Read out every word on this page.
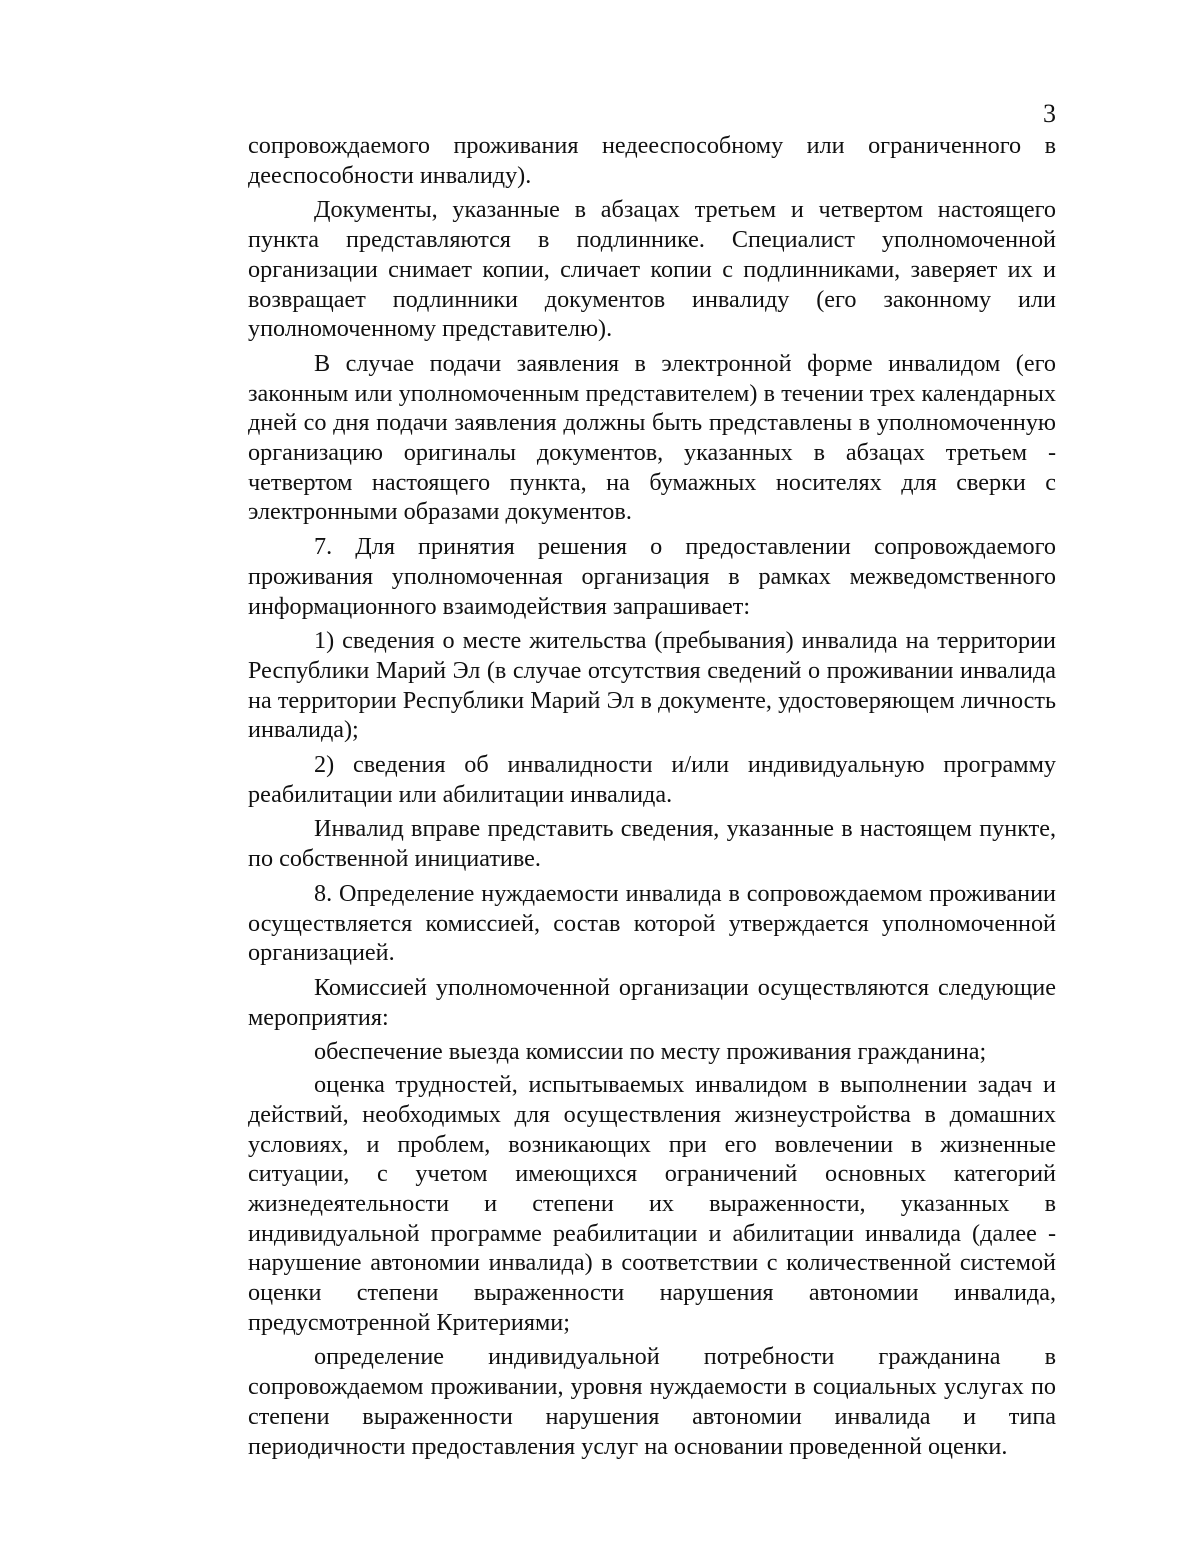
3

сопровождаемого проживания недееспособному или ограниченного в дееспособности инвалиду).

Документы, указанные в абзацах третьем и четвертом настоящего пункта представляются в подлиннике. Специалист уполномоченной организации снимает копии, сличает копии с подлинниками, заверяет их и возвращает подлинники документов инвалиду (его законному или уполномоченному представителю).

В случае подачи заявления в электронной форме инвалидом (его законным или уполномоченным представителем) в течении трех календарных дней со дня подачи заявления должны быть представлены в уполномоченную организацию оригиналы документов, указанных в абзацах третьем - четвертом настоящего пункта, на бумажных носителях для сверки с электронными образами документов.

7. Для принятия решения о предоставлении сопровождаемого проживания уполномоченная организация в рамках межведомственного информационного взаимодействия запрашивает:

1) сведения о месте жительства (пребывания) инвалида на территории Республики Марий Эл (в случае отсутствия сведений о проживании инвалида на территории Республики Марий Эл в документе, удостоверяющем личность инвалида);

2) сведения об инвалидности и/или индивидуальную программу реабилитации или абилитации инвалида.

Инвалид вправе представить сведения, указанные в настоящем пункте, по собственной инициативе.

8. Определение нуждаемости инвалида в сопровождаемом проживании осуществляется комиссией, состав которой утверждается уполномоченной организацией.

Комиссией уполномоченной организации осуществляются следующие мероприятия:

обеспечение выезда комиссии по месту проживания гражданина;

оценка трудностей, испытываемых инвалидом в выполнении задач и действий, необходимых для осуществления жизнеустройства в домашних условиях, и проблем, возникающих при его вовлечении в жизненные ситуации, с учетом имеющихся ограничений основных категорий жизнедеятельности и степени их выраженности, указанных в индивидуальной программе реабилитации и абилитации инвалида (далее - нарушение автономии инвалида) в соответствии с количественной системой оценки степени выраженности нарушения автономии инвалида, предусмотренной Критериями;

определение индивидуальной потребности гражданина в сопровождаемом проживании, уровня нуждаемости в социальных услугах по степени выраженности нарушения автономии инвалида и типа периодичности предоставления услуг на основании проведенной оценки.
